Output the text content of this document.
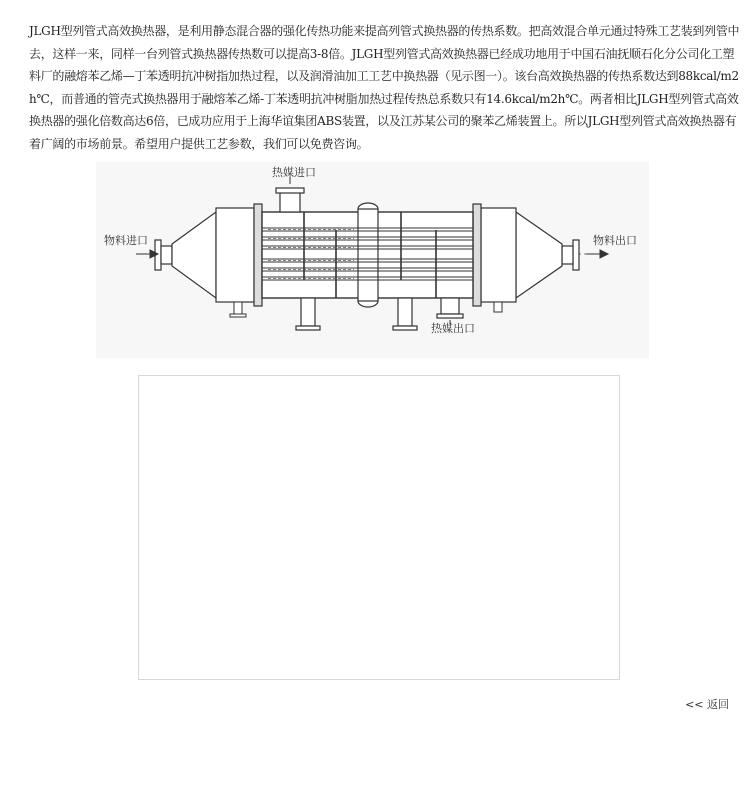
JLGH型列管式高效换热器，是利用静态混合器的强化传热功能来提高列管式换热器的传热系数。把高效混合单元通过特殊工艺装到列管中去，这样一来，同样一台列管式换热器传热数可以提高3-8倍。JLGH型列管式高效换热器已经成功地用于中国石油抚顺石化分公司化工塑料厂的融熔苯乙烯—丁苯透明抗冲树指加热过程，以及润滑油加工工艺中换热器（见示图一）。该台高效换热器的传热系数达到88kcal/m2h℃，而普通的管壳式换热器用于融熔苯乙烯-丁苯透明抗冲树脂加热过程传热总系数只有14.6kcal/m2h℃。两者相比JLGH型列管式高效换热器的强化倍数高达6倍，已成功应用于上海华谊集团ABS装置，以及江苏某公司的聚苯乙烯装置上。所以JLGH型列管式高效换热器有着广阔的市场前景。希望用户提供工艺参数，我们可以免费咨询。

热媒进口
物料进口	物料出口
热媒出口
<< 返回
